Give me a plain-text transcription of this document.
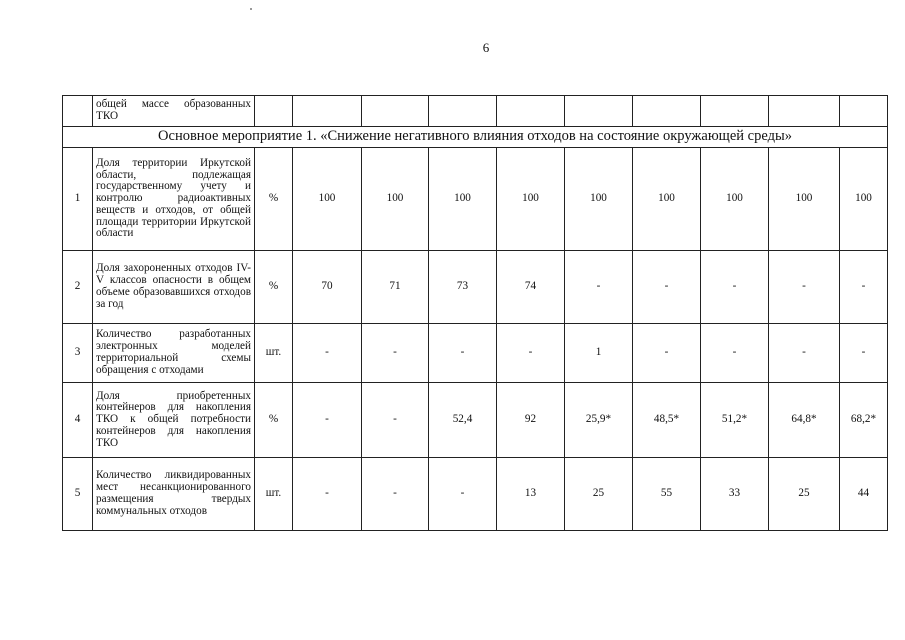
6
	общей массе образованных ТКО										
Основное мероприятие 1. «Снижение негативного влияния отходов на состояние окружающей среды»											
1	Доля территории Иркутской области, подлежащая государственному учету и контролю радиоактивных веществ и отходов, от общей площади территории Иркутской области	%	100	100	100	100	100	100	100	100	100
2	Доля захороненных отходов IV-V классов опасности в общем объеме образовавшихся отходов за год	%	70	71	73	74	-	-	-	-	-
3	Количество разработанных электронных моделей территориальной схемы обращения с отходами	шт.	-	-	-	-	1	-	-	-	-
4	Доля приобретенных контейнеров для накопления ТКО к общей потребности контейнеров для накопления ТКО	%	-	-	52,4	92	25,9*	48,5*	51,2*	64,8*	68,2*
5	Количество ликвидированных мест несанкционированного размещения твердых коммунальных отходов	шт.	-	-	-	13	25	55	33	25	44
